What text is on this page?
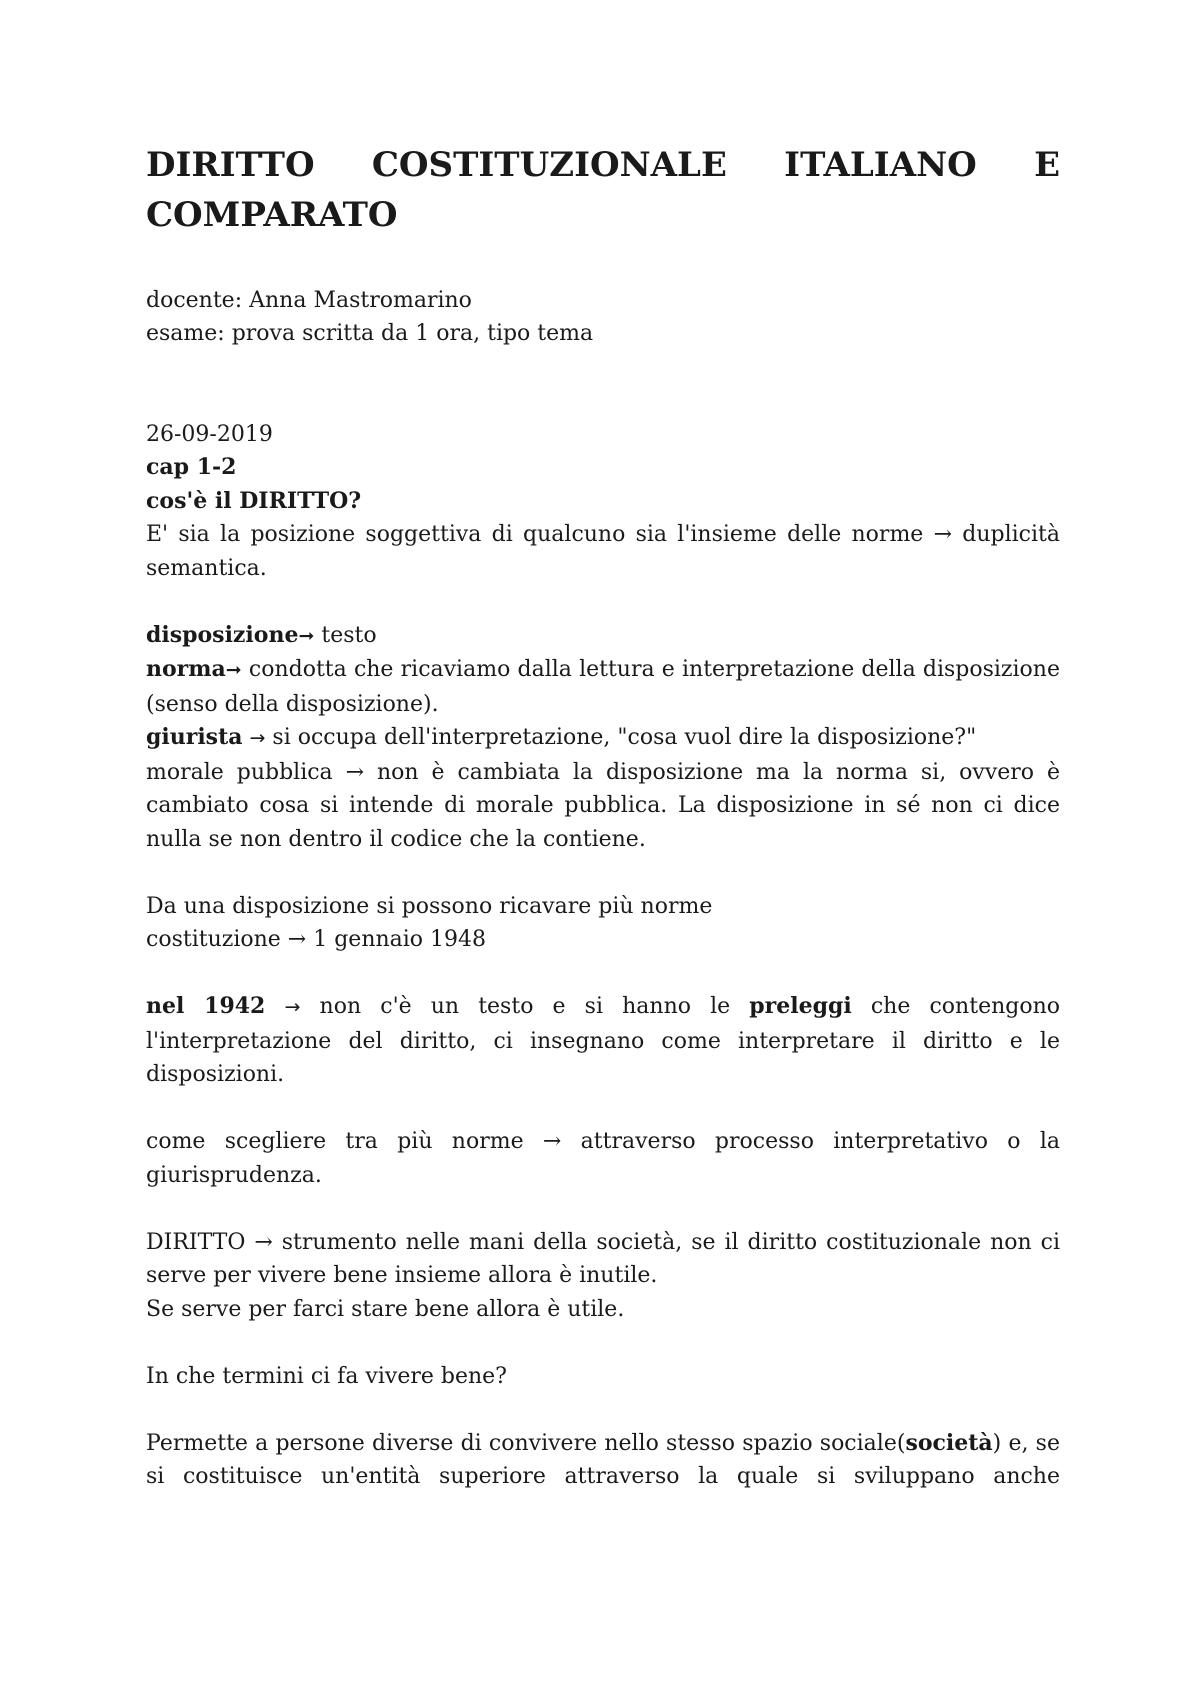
DIRITTO COSTITUZIONALE ITALIANO E COMPARATO

docente: Anna Mastromarino

esame: prova scritta da 1 ora, tipo tema

26-09-2019

cap 1-2

cos'è il DIRITTO?

E' sia la posizione soggettiva di qualcuno sia l'insieme delle norme → duplicità semantica.

disposizione➞ testo

norma➞ condotta che ricaviamo dalla lettura e interpretazione della disposizione (senso della disposizione).

giurista → si occupa dell'interpretazione, "cosa vuol dire la disposizione?"

morale pubblica → non è cambiata la disposizione ma la norma si, ovvero è cambiato cosa si intende di morale pubblica. La disposizione in sé non ci dice nulla se non dentro il codice che la contiene.

Da una disposizione si possono ricavare più norme

costituzione → 1 gennaio 1948

nel 1942 → non c'è un testo e si hanno le preleggi che contengono l'interpretazione del diritto, ci insegnano come interpretare il diritto e le disposizioni.

come scegliere tra più norme → attraverso processo interpretativo o la giurisprudenza.

DIRITTO → strumento nelle mani della società, se il diritto costituzionale non ci serve per vivere bene insieme allora è inutile.

Se serve per farci stare bene allora è utile.

In che termini ci fa vivere bene?

Permette a persone diverse di convivere nello stesso spazio sociale(società) e, se si costituisce un'entità superiore attraverso la quale si sviluppano anche
